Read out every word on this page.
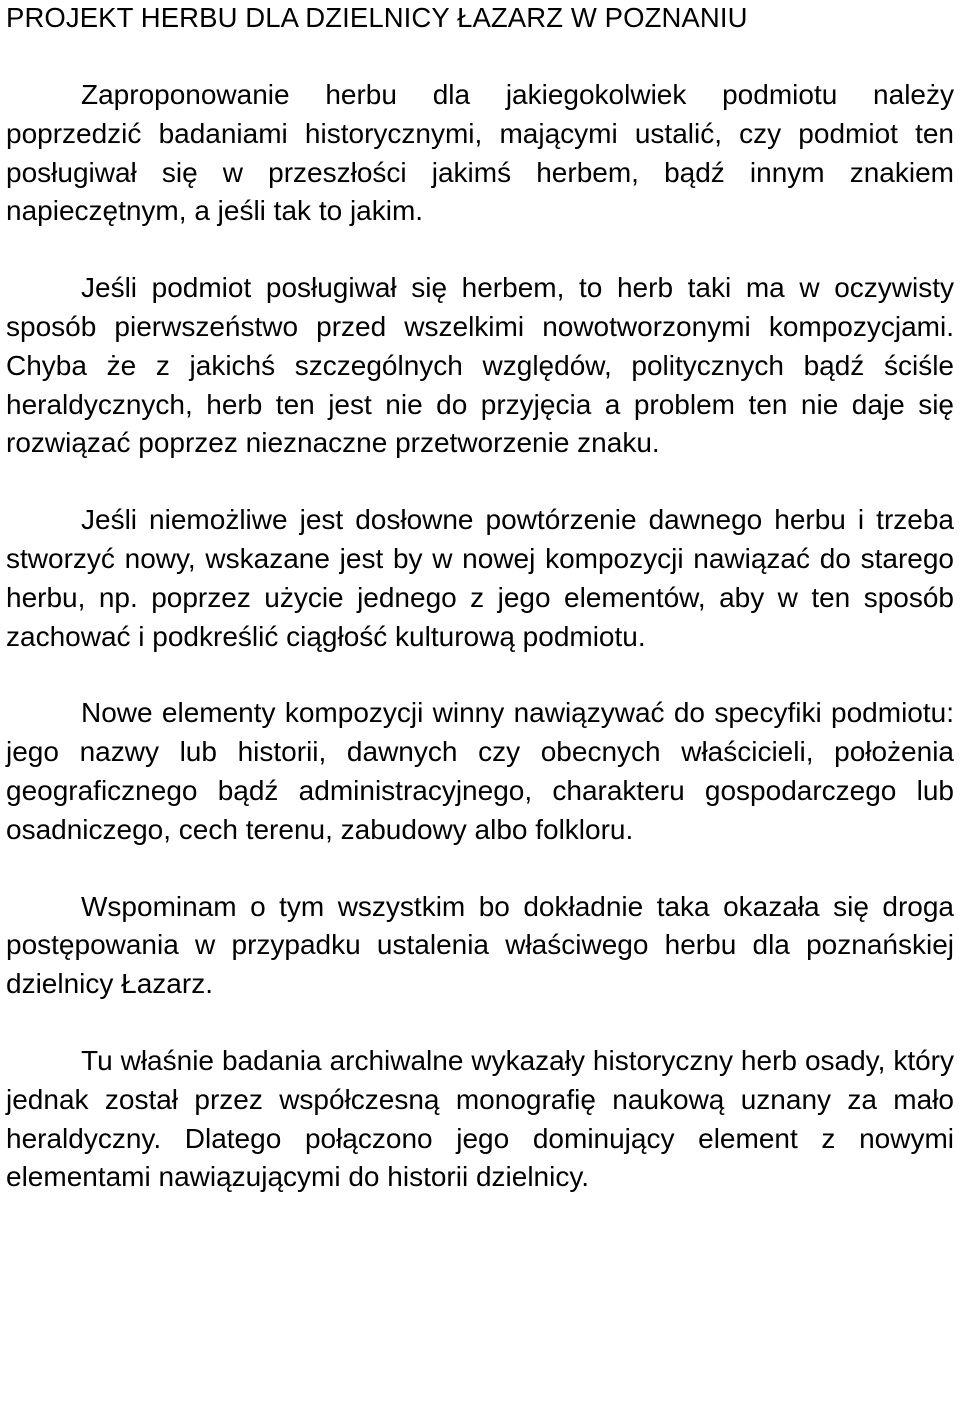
PROJEKT HERBU DLA DZIELNICY ŁAZARZ W POZNANIU

Zaproponowanie herbu dla jakiegokolwiek podmiotu należy poprzedzić badaniami historycznymi, mającymi ustalić, czy podmiot ten posługiwał się w przeszłości jakimś herbem, bądź innym znakiem napieczętnym, a jeśli tak to jakim.

Jeśli podmiot posługiwał się herbem, to herb taki ma w oczywisty sposób pierwszeństwo przed wszelkimi nowotworzonymi kompozycjami. Chyba że z jakichś szczególnych względów, politycznych bądź ściśle heraldycznych, herb ten jest nie do przyjęcia a problem ten nie daje się rozwiązać poprzez nieznaczne przetworzenie znaku.

Jeśli niemożliwe jest dosłowne powtórzenie dawnego herbu i trzeba stworzyć nowy, wskazane jest by w nowej kompozycji nawiązać do starego herbu, np. poprzez użycie jednego z jego elementów, aby w ten sposób zachować i podkreślić ciągłość kulturową podmiotu.

Nowe elementy kompozycji winny nawiązywać do specyfiki podmiotu: jego nazwy lub historii, dawnych czy obecnych właścicieli, położenia geograficznego bądź administracyjnego, charakteru gospodarczego lub osadniczego, cech terenu, zabudowy albo folkloru.

Wspominam o tym wszystkim bo dokładnie taka okazała się droga postępowania w przypadku ustalenia właściwego herbu dla poznańskiej dzielnicy Łazarz.

Tu właśnie badania archiwalne wykazały historyczny herb osady, który jednak został przez współczesną monografię naukową uznany za mało heraldyczny. Dlatego połączono jego dominujący element z nowymi elementami nawiązującymi do historii dzielnicy.
